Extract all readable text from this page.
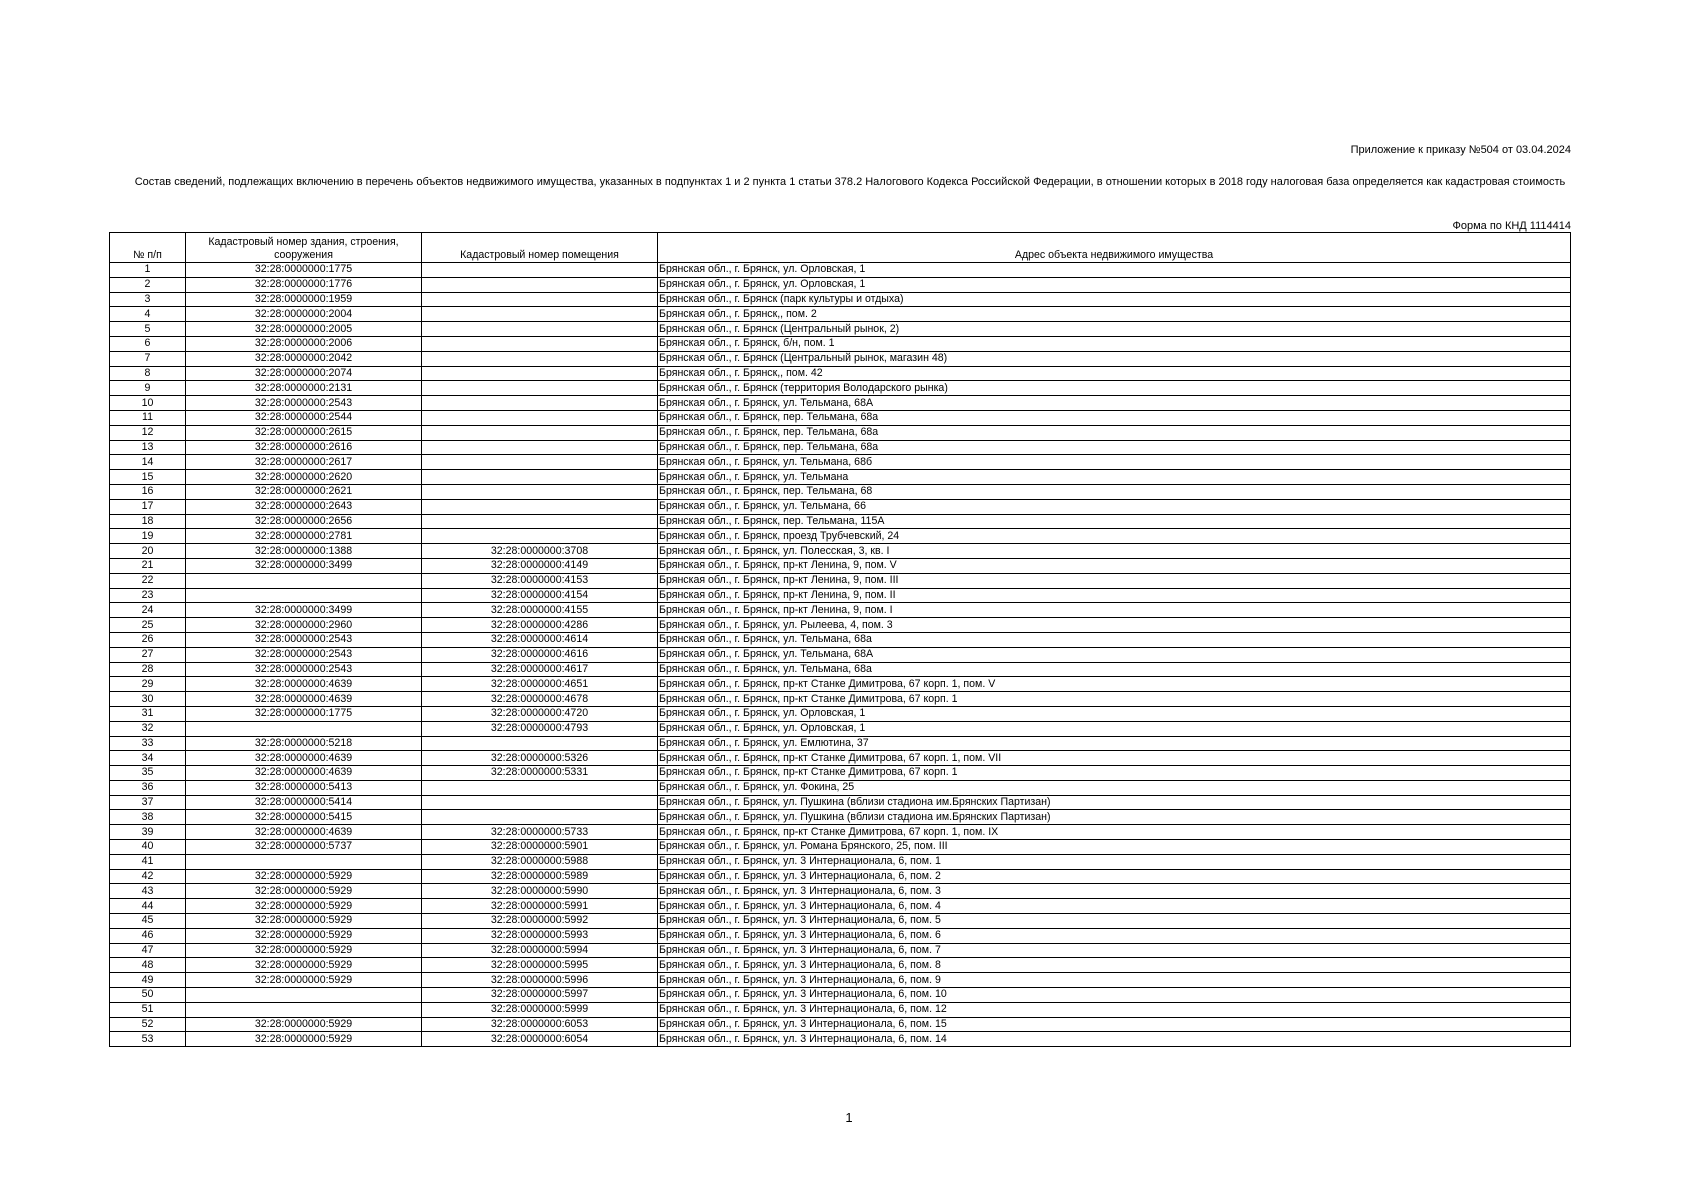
Приложение к приказу №504 от 03.04.2024
Состав сведений, подлежащих включению в перечень объектов недвижимого имущества, указанных в подпунктах 1 и 2 пункта 1 статьи 378.2 Налогового Кодекса Российской Федерации, в отношении которых в 2018 году налоговая база определяется как кадастровая стоимость
Форма по КНД 1114414
№ п/п	Кадастровый номер здания, строения, сооружения	Кадастровый номер помещения	Адрес объекта недвижимого имущества
1	32:28:0000000:1775		Брянская обл., г. Брянск, ул. Орловская, 1
2	32:28:0000000:1776		Брянская обл., г. Брянск, ул. Орловская, 1
3	32:28:0000000:1959		Брянская обл., г. Брянск (парк культуры и отдыха)
4	32:28:0000000:2004		Брянская обл., г. Брянск,, пом. 2
5	32:28:0000000:2005		Брянская обл., г. Брянск (Центральный рынок, 2)
6	32:28:0000000:2006		Брянская обл., г. Брянск, б/н, пом. 1
7	32:28:0000000:2042		Брянская обл., г. Брянск (Центральный рынок, магазин 48)
8	32:28:0000000:2074		Брянская обл., г. Брянск,, пом. 42
9	32:28:0000000:2131		Брянская обл., г. Брянск (территория Володарского рынка)
10	32:28:0000000:2543		Брянская обл., г. Брянск, ул. Тельмана, 68А
11	32:28:0000000:2544		Брянская обл., г. Брянск, пер. Тельмана, 68а
12	32:28:0000000:2615		Брянская обл., г. Брянск, пер. Тельмана, 68а
13	32:28:0000000:2616		Брянская обл., г. Брянск, пер. Тельмана, 68а
14	32:28:0000000:2617		Брянская обл., г. Брянск, ул. Тельмана, 68б
15	32:28:0000000:2620		Брянская обл., г. Брянск, ул. Тельмана
16	32:28:0000000:2621		Брянская обл., г. Брянск, пер. Тельмана, 68
17	32:28:0000000:2643		Брянская обл., г. Брянск, ул. Тельмана, 66
18	32:28:0000000:2656		Брянская обл., г. Брянск, пер. Тельмана, 115А
19	32:28:0000000:2781		Брянская обл., г. Брянск, проезд Трубчевский, 24
20	32:28:0000000:1388	32:28:0000000:3708	Брянская обл., г. Брянск, ул. Полесская, 3, кв. I
21	32:28:0000000:3499	32:28:0000000:4149	Брянская обл., г. Брянск, пр-кт Ленина, 9, пом. V
22		32:28:0000000:4153	Брянская обл., г. Брянск, пр-кт Ленина, 9, пом. III
23		32:28:0000000:4154	Брянская обл., г. Брянск, пр-кт Ленина, 9, пом. II
24	32:28:0000000:3499	32:28:0000000:4155	Брянская обл., г. Брянск, пр-кт Ленина, 9, пом. I
25	32:28:0000000:2960	32:28:0000000:4286	Брянская обл., г. Брянск, ул. Рылеева, 4, пом. 3
26	32:28:0000000:2543	32:28:0000000:4614	Брянская обл., г. Брянск, ул. Тельмана, 68а
27	32:28:0000000:2543	32:28:0000000:4616	Брянская обл., г. Брянск, ул. Тельмана, 68А
28	32:28:0000000:2543	32:28:0000000:4617	Брянская обл., г. Брянск, ул. Тельмана, 68а
29	32:28:0000000:4639	32:28:0000000:4651	Брянская обл., г. Брянск, пр-кт Станке Димитрова, 67 корп. 1, пом. V
30	32:28:0000000:4639	32:28:0000000:4678	Брянская обл., г. Брянск, пр-кт Станке Димитрова, 67 корп. 1
31	32:28:0000000:1775	32:28:0000000:4720	Брянская обл., г. Брянск, ул. Орловская, 1
32		32:28:0000000:4793	Брянская обл., г. Брянск, ул. Орловская, 1
33	32:28:0000000:5218		Брянская обл., г. Брянск, ул. Емлютина, 37
34	32:28:0000000:4639	32:28:0000000:5326	Брянская обл., г. Брянск, пр-кт Станке Димитрова, 67 корп. 1, пом. VII
35	32:28:0000000:4639	32:28:0000000:5331	Брянская обл., г. Брянск, пр-кт Станке Димитрова, 67 корп. 1
36	32:28:0000000:5413		Брянская обл., г. Брянск, ул. Фокина, 25
37	32:28:0000000:5414		Брянская обл., г. Брянск, ул. Пушкина (вблизи стадиона им.Брянских Партизан)
38	32:28:0000000:5415		Брянская обл., г. Брянск, ул. Пушкина (вблизи стадиона им.Брянских Партизан)
39	32:28:0000000:4639	32:28:0000000:5733	Брянская обл., г. Брянск, пр-кт Станке Димитрова, 67 корп. 1, пом. IX
40	32:28:0000000:5737	32:28:0000000:5901	Брянская обл., г. Брянск, ул. Романа Брянского, 25, пом. III
41		32:28:0000000:5988	Брянская обл., г. Брянск, ул. 3 Интернационала, 6, пом. 1
42	32:28:0000000:5929	32:28:0000000:5989	Брянская обл., г. Брянск, ул. 3 Интернационала, 6, пом. 2
43	32:28:0000000:5929	32:28:0000000:5990	Брянская обл., г. Брянск, ул. 3 Интернационала, 6, пом. 3
44	32:28:0000000:5929	32:28:0000000:5991	Брянская обл., г. Брянск, ул. 3 Интернационала, 6, пом. 4
45	32:28:0000000:5929	32:28:0000000:5992	Брянская обл., г. Брянск, ул. 3 Интернационала, 6, пом. 5
46	32:28:0000000:5929	32:28:0000000:5993	Брянская обл., г. Брянск, ул. 3 Интернационала, 6, пом. 6
47	32:28:0000000:5929	32:28:0000000:5994	Брянская обл., г. Брянск, ул. 3 Интернационала, 6, пом. 7
48	32:28:0000000:5929	32:28:0000000:5995	Брянская обл., г. Брянск, ул. 3 Интернационала, 6, пом. 8
49	32:28:0000000:5929	32:28:0000000:5996	Брянская обл., г. Брянск, ул. 3 Интернационала, 6, пом. 9
50		32:28:0000000:5997	Брянская обл., г. Брянск, ул. 3 Интернационала, 6, пом. 10
51		32:28:0000000:5999	Брянская обл., г. Брянск, ул. 3 Интернационала, 6, пом. 12
52	32:28:0000000:5929	32:28:0000000:6053	Брянская обл., г. Брянск, ул. 3 Интернационала, 6, пом. 15
53	32:28:0000000:5929	32:28:0000000:6054	Брянская обл., г. Брянск, ул. 3 Интернационала, 6, пом. 14
1
